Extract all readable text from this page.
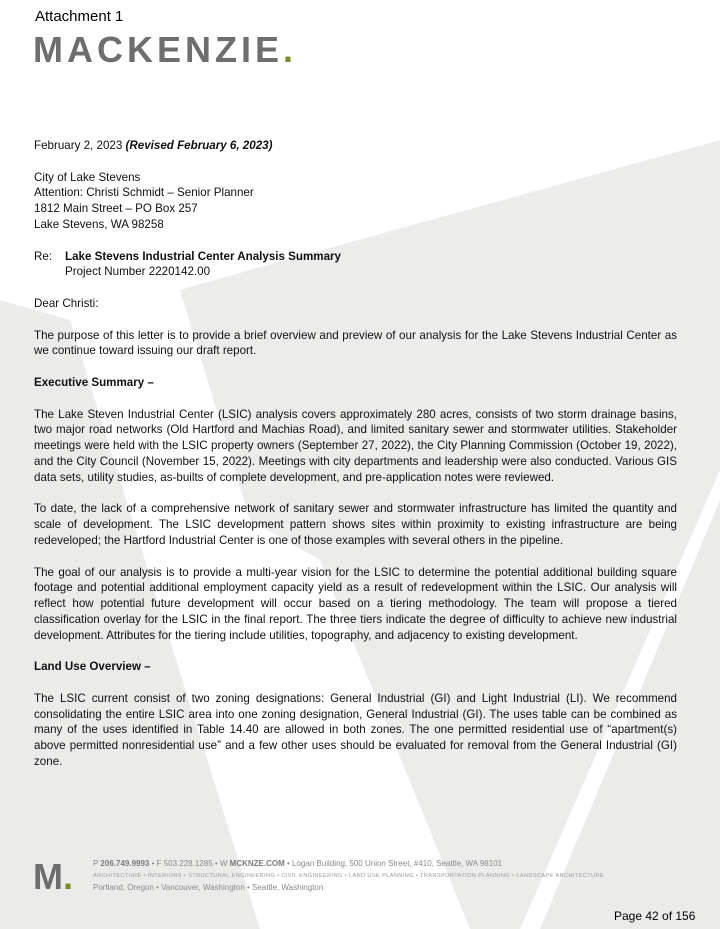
Attachment 1
MACKENZIE.

February 2, 2023 (Revised February 6, 2023)

City of Lake Stevens

Attention: Christi Schmidt – Senior Planner

1812 Main Street – PO Box 257

Lake Stevens, WA 98258

Re:	Lake Stevens Industrial Center Analysis Summary

Project Number 2220142.00

Dear Christi:

The purpose of this letter is to provide a brief overview and preview of our analysis for the Lake Stevens Industrial Center as we continue toward issuing our draft report.

Executive Summary –

The Lake Steven Industrial Center (LSIC) analysis covers approximately 280 acres, consists of two storm drainage basins, two major road networks (Old Hartford and Machias Road), and limited sanitary sewer and stormwater utilities. Stakeholder meetings were held with the LSIC property owners (September 27, 2022), the City Planning Commission (October 19, 2022), and the City Council (November 15, 2022). Meetings with city departments and leadership were also conducted. Various GIS data sets, utility studies, as-builts of complete development, and pre-application notes were reviewed.

To date, the lack of a comprehensive network of sanitary sewer and stormwater infrastructure has limited the quantity and scale of development. The LSIC development pattern shows sites within proximity to existing infrastructure are being redeveloped; the Hartford Industrial Center is one of those examples with several others in the pipeline.

The goal of our analysis is to provide a multi-year vision for the LSIC to determine the potential additional building square footage and potential additional employment capacity yield as a result of redevelopment within the LSIC. Our analysis will reflect how potential future development will occur based on a tiering methodology. The team will propose a tiered classification overlay for the LSIC in the final report. The three tiers indicate the degree of difficulty to achieve new industrial development. Attributes for the tiering include utilities, topography, and adjacency to existing development.

Land Use Overview –

The LSIC current consist of two zoning designations: General Industrial (GI) and Light Industrial (LI). We recommend consolidating the entire LSIC area into one zoning designation, General Industrial (GI). The uses table can be combined as many of the uses identified in Table 14.40 are allowed in both zones. The one permitted residential use of “apartment(s) above permitted nonresidential use” and a few other uses should be evaluated for removal from the General Industrial (GI) zone.

M. P 206.749.9993 • F 503.228.1285 • W MCKNZE.COM • Logan Building, 500 Union Street, #410, Seattle, WA 98101
ARCHITECTURE • INTERIORS • STRUCTURAL ENGINEERING • CIVIL ENGINEERING • LAND USE PLANNING • TRANSPORTATION PLANNING • LANDSCAPE ARCHITECTURE
Portland, Oregon • Vancouver, Washington • Seattle, Washington
Page 42 of 156
